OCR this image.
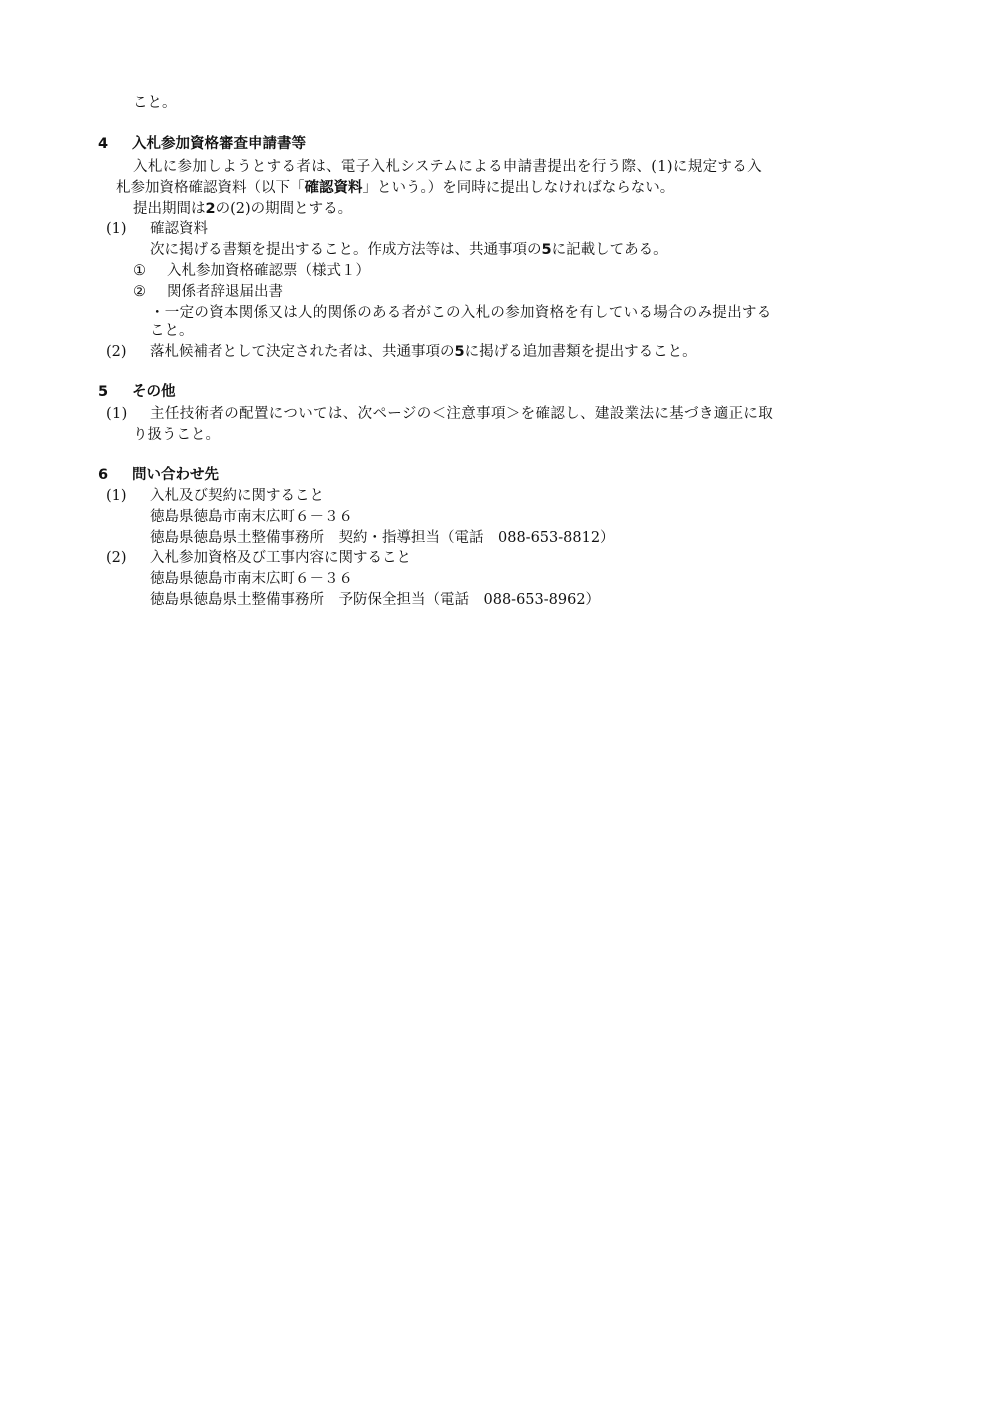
こと。
4 入札参加資格審査申請書等
入札に参加しようとする者は、電子入札システムによる申請書提出を行う際、(1)に規定する入
札参加資格確認資料（以下「確認資料」という。）を同時に提出しなければならない。
提出期間は2の(2)の期間とする。
(1) 確認資料
次に掲げる書類を提出すること。作成方法等は、共通事項の5に記載してある。
① 入札参加資格確認票（様式１）
② 関係者辞退届出書
・一定の資本関係又は人的関係のある者がこの入札の参加資格を有している場合のみ提出する
こと。
(2) 落札候補者として決定された者は、共通事項の5に掲げる追加書類を提出すること。
5 その他
(1) 主任技術者の配置については、次ページの＜注意事項＞を確認し、建設業法に基づき適正に取
り扱うこと。
6 問い合わせ先
(1) 入札及び契約に関すること
徳島県徳島市南末広町６－３６
徳島県徳島県土整備事務所　契約・指導担当（電話　088-653-8812）
(2) 入札参加資格及び工事内容に関すること
徳島県徳島市南末広町６－３６
徳島県徳島県土整備事務所　予防保全担当（電話　088-653-8962）
